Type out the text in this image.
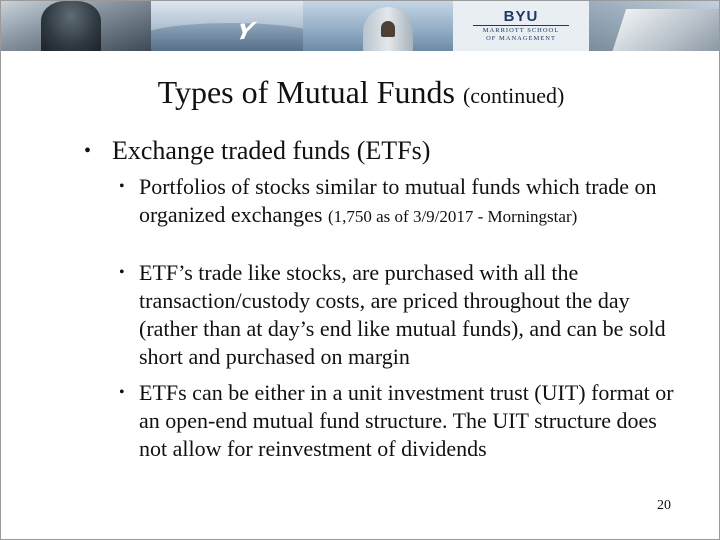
Y
BYU
MARRIOTT SCHOOL
OF MANAGEMENT
Types of Mutual Funds (continued)
• Exchange traded funds (ETFs)
• Portfolios of stocks similar to mutual funds which trade on organized exchanges (1,750 as of 3/9/2017 - Morningstar)
• ETF’s trade like stocks, are purchased with all the transaction/custody costs, are priced throughout the day (rather than at day’s end like mutual funds), and can be sold short and purchased on margin
• ETFs can be either in a unit investment trust (UIT) format or an open-end mutual fund structure. The UIT structure does not allow for reinvestment of dividends
20
